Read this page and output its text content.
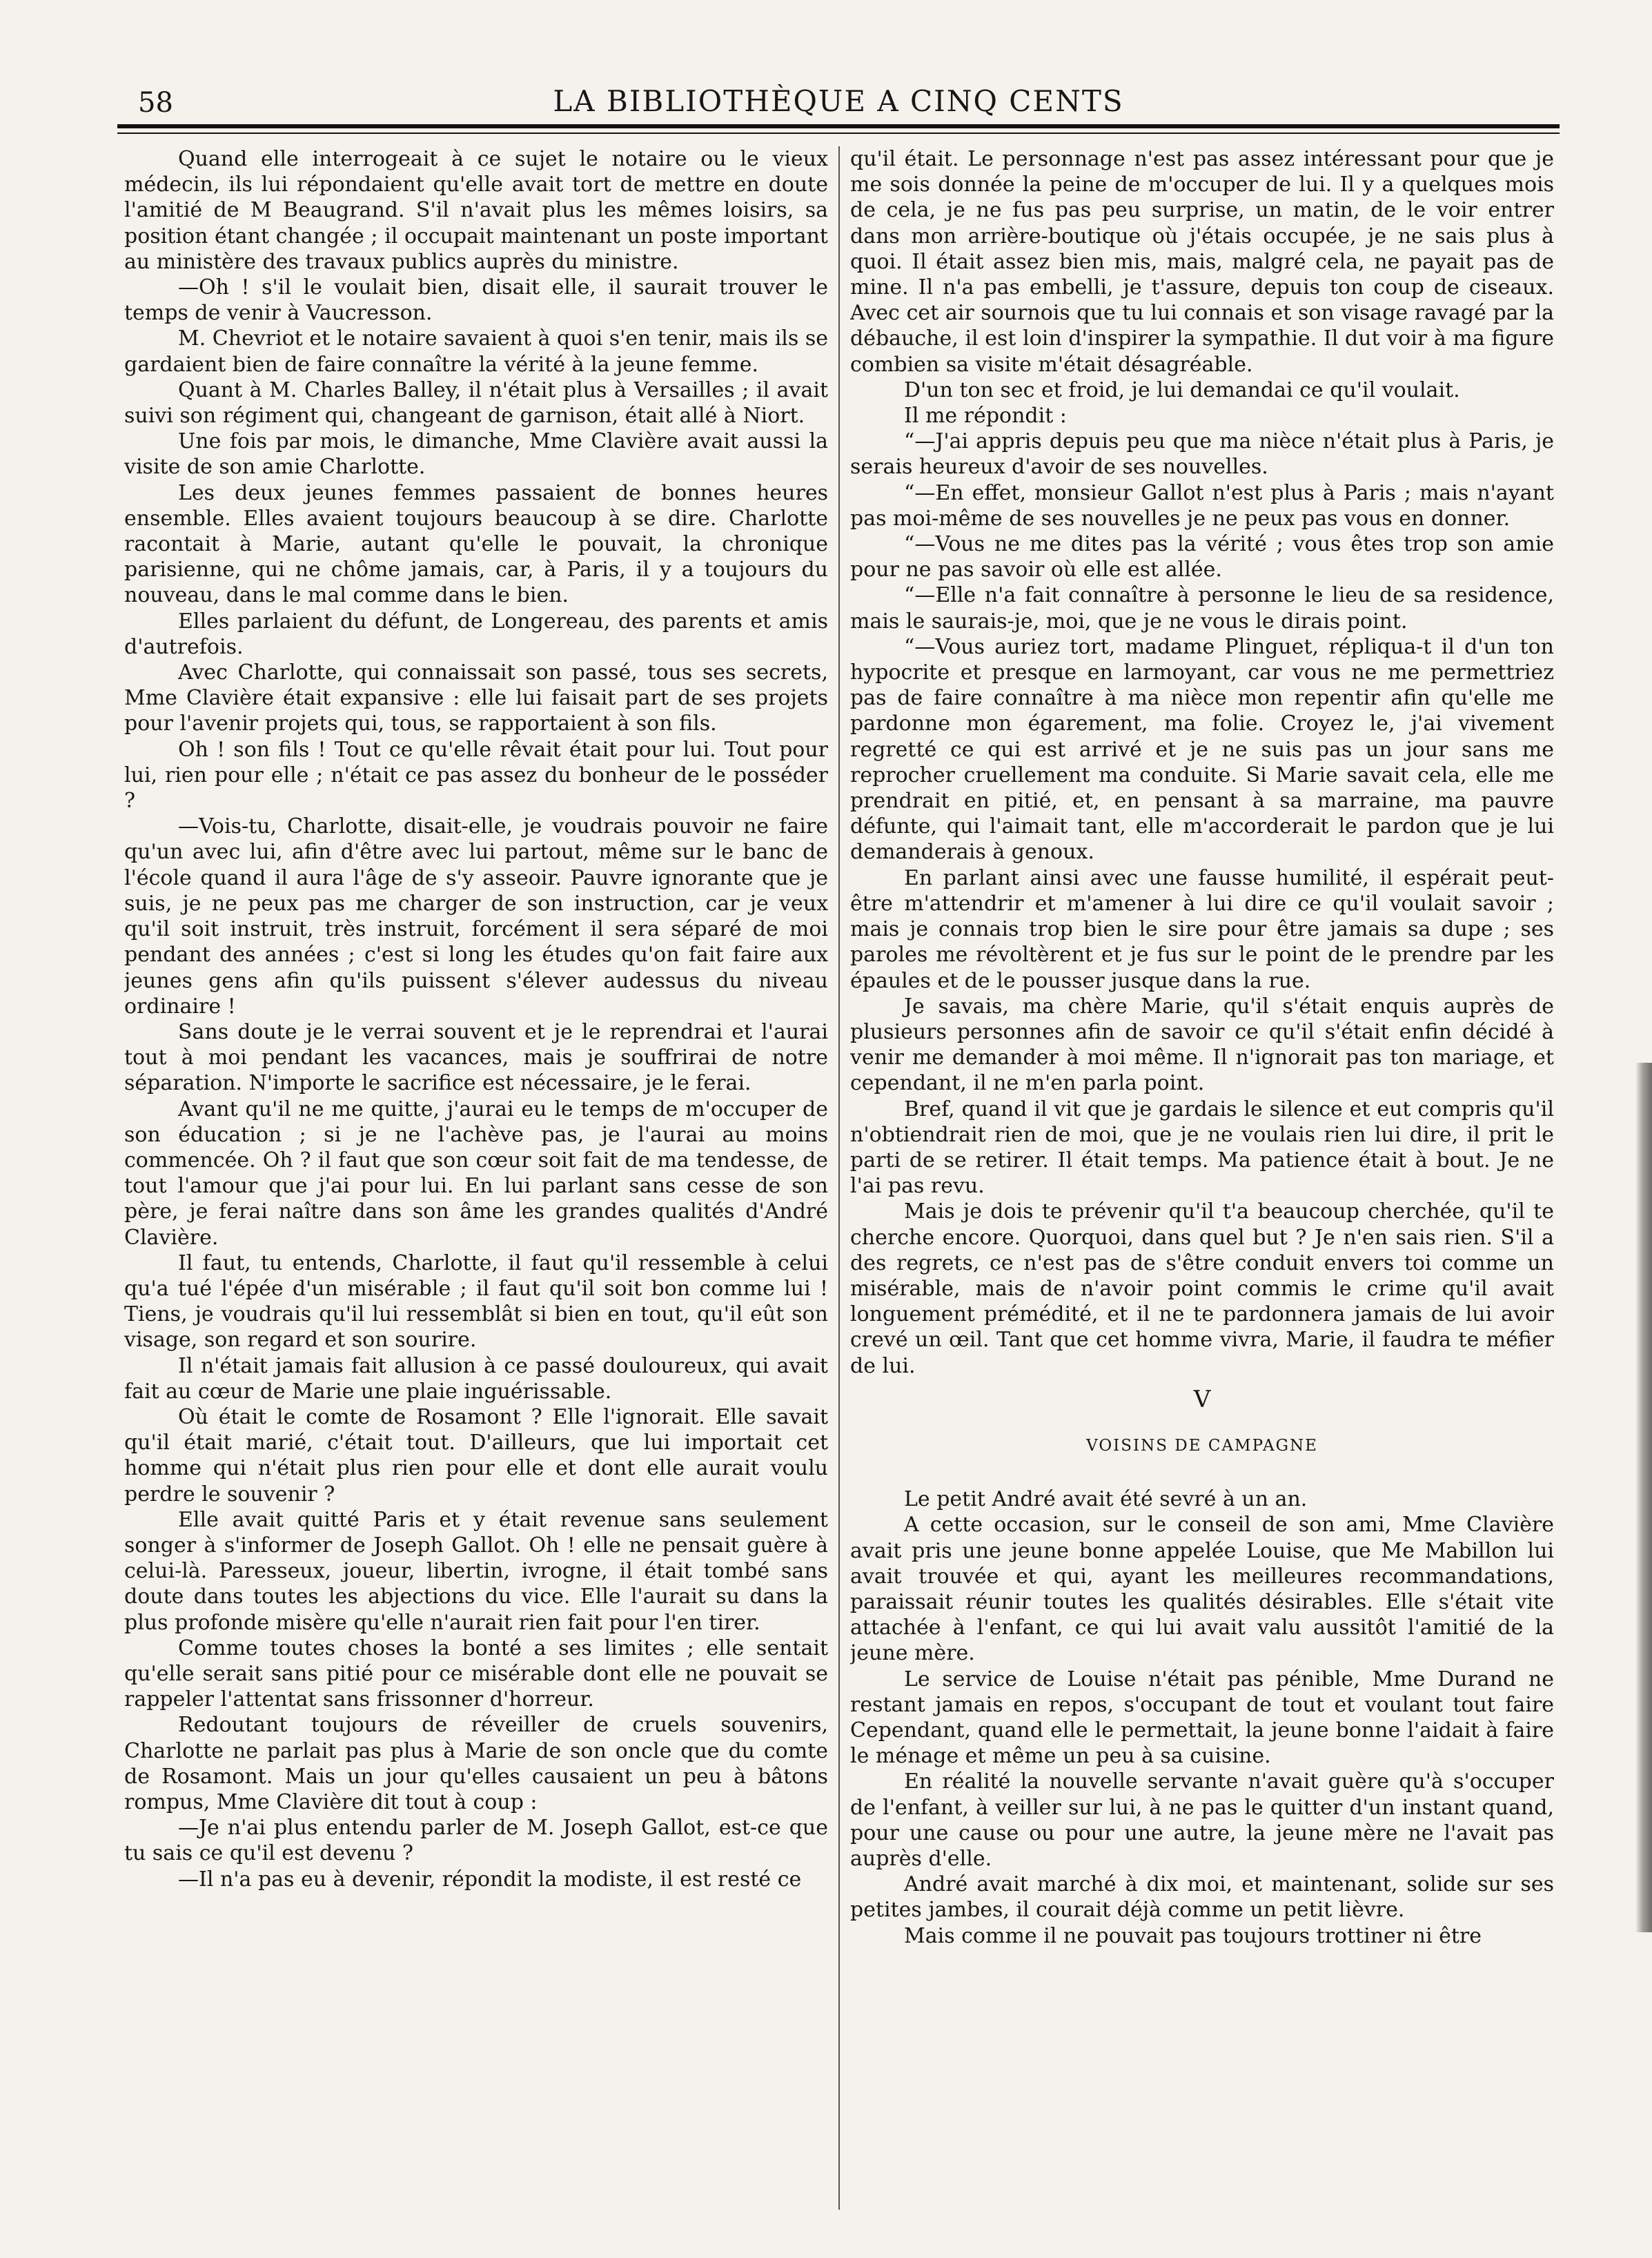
58	LA BIBLIOTHÈQUE A CINQ CENTS

Quand elle interrogeait à ce sujet le notaire ou le vieux médecin, ils lui répondaient qu'elle avait tort de mettre en doute l'amitié de M Beaugrand. S'il n'avait plus les mêmes loisirs, sa position étant changée ; il occupait maintenant un poste important au ministère des travaux publics auprès du ministre.

—Oh ! s'il le voulait bien, disait elle, il saurait trouver le temps de venir à Vaucresson.

M. Chevriot et le notaire savaient à quoi s'en tenir, mais ils se gardaient bien de faire connaître la vérité à la jeune femme.

Quant à M. Charles Balley, il n'était plus à Versailles ; il avait suivi son régiment qui, changeant de garnison, était allé à Niort.

Une fois par mois, le dimanche, Mme Clavière avait aussi la visite de son amie Charlotte.

Les deux jeunes femmes passaient de bonnes heures ensemble. Elles avaient toujours beaucoup à se dire. Charlotte racontait à Marie, autant qu'elle le pouvait, la chronique parisienne, qui ne chôme jamais, car, à Paris, il y a toujours du nouveau, dans le mal comme dans le bien.

Elles parlaient du défunt, de Longereau, des parents et amis d'autrefois.

Avec Charlotte, qui connaissait son passé, tous ses secrets, Mme Clavière était expansive : elle lui faisait part de ses projets pour l'avenir projets qui, tous, se rapportaient à son fils.

Oh ! son fils ! Tout ce qu'elle rêvait était pour lui. Tout pour lui, rien pour elle ; n'était ce pas assez du bonheur de le posséder ?

—Vois-tu, Charlotte, disait-elle, je voudrais pouvoir ne faire qu'un avec lui, afin d'être avec lui partout, même sur le banc de l'école quand il aura l'âge de s'y asseoir. Pauvre ignorante que je suis, je ne peux pas me charger de son instruction, car je veux qu'il soit instruit, très instruit, forcément il sera séparé de moi pendant des années ; c'est si long les études qu'on fait faire aux jeunes gens afin qu'ils puissent s'élever audessus du niveau ordinaire !

Sans doute je le verrai souvent et je le reprendrai et l'aurai tout à moi pendant les vacances, mais je souffrirai de notre séparation. N'importe le sacrifice est nécessaire, je le ferai.

Avant qu'il ne me quitte, j'aurai eu le temps de m'occuper de son éducation ; si je ne l'achève pas, je l'aurai au moins commencée. Oh ? il faut que son cœur soit fait de ma tendesse, de tout l'amour que j'ai pour lui. En lui parlant sans cesse de son père, je ferai naître dans son âme les grandes qualités d'André Clavière.

Il faut, tu entends, Charlotte, il faut qu'il ressemble à celui qu'a tué l'épée d'un misérable ; il faut qu'il soit bon comme lui ! Tiens, je voudrais qu'il lui ressemblât si bien en tout, qu'il eût son visage, son regard et son sourire.

Il n'était jamais fait allusion à ce passé douloureux, qui avait fait au cœur de Marie une plaie inguérissable.

Où était le comte de Rosamont ? Elle l'ignorait. Elle savait qu'il était marié, c'était tout. D'ailleurs, que lui importait cet homme qui n'était plus rien pour elle et dont elle aurait voulu perdre le souvenir ?

Elle avait quitté Paris et y était revenue sans seulement songer à s'informer de Joseph Gallot. Oh ! elle ne pensait guère à celui-là. Paresseux, joueur, libertin, ivrogne, il était tombé sans doute dans toutes les abjections du vice. Elle l'aurait su dans la plus profonde misère qu'elle n'aurait rien fait pour l'en tirer.

Comme toutes choses la bonté a ses limites ; elle sentait qu'elle serait sans pitié pour ce misérable dont elle ne pouvait se rappeler l'attentat sans frissonner d'horreur.

Redoutant toujours de réveiller de cruels souvenirs, Charlotte ne parlait pas plus à Marie de son oncle que du comte de Rosamont. Mais un jour qu'elles causaient un peu à bâtons rompus, Mme Clavière dit tout à coup :

—Je n'ai plus entendu parler de M. Joseph Gallot, est-ce que tu sais ce qu'il est devenu ?

—Il n'a pas eu à devenir, répondit la modiste, il est resté ce

qu'il était. Le personnage n'est pas assez intéressant pour que je me sois donnée la peine de m'occuper de lui. Il y a quelques mois de cela, je ne fus pas peu surprise, un matin, de le voir entrer dans mon arrière-boutique où j'étais occupée, je ne sais plus à quoi. Il était assez bien mis, mais, malgré cela, ne payait pas de mine. Il n'a pas embelli, je t'assure, depuis ton coup de ciseaux. Avec cet air sournois que tu lui connais et son visage ravagé par la débauche, il est loin d'inspirer la sympathie. Il dut voir à ma figure combien sa visite m'était désagréable.

D'un ton sec et froid, je lui demandai ce qu'il voulait.

Il me répondit :

“—J'ai appris depuis peu que ma nièce n'était plus à Paris, je serais heureux d'avoir de ses nouvelles.

“—En effet, monsieur Gallot n'est plus à Paris ; mais n'ayant pas moi-même de ses nouvelles je ne peux pas vous en donner.

“—Vous ne me dites pas la vérité ; vous êtes trop son amie pour ne pas savoir où elle est allée.

“—Elle n'a fait connaître à personne le lieu de sa residence, mais le saurais-je, moi, que je ne vous le dirais point.

“—Vous auriez tort, madame Plinguet, répliqua-t il d'un ton hypocrite et presque en larmoyant, car vous ne me permettriez pas de faire connaître à ma nièce mon repentir afin qu'elle me pardonne mon égarement, ma folie. Croyez le, j'ai vivement regretté ce qui est arrivé et je ne suis pas un jour sans me reprocher cruellement ma conduite. Si Marie savait cela, elle me prendrait en pitié, et, en pensant à sa marraine, ma pauvre défunte, qui l'aimait tant, elle m'accorderait le pardon que je lui demanderais à genoux.

En parlant ainsi avec une fausse humilité, il espérait peut-être m'attendrir et m'amener à lui dire ce qu'il voulait savoir ; mais je connais trop bien le sire pour être jamais sa dupe ; ses paroles me révoltèrent et je fus sur le point de le prendre par les épaules et de le pousser jusque dans la rue.

Je savais, ma chère Marie, qu'il s'était enquis auprès de plusieurs personnes afin de savoir ce qu'il s'était enfin décidé à venir me demander à moi même. Il n'ignorait pas ton mariage, et cependant, il ne m'en parla point.

Bref, quand il vit que je gardais le silence et eut compris qu'il n'obtiendrait rien de moi, que je ne voulais rien lui dire, il prit le parti de se retirer. Il était temps. Ma patience était à bout. Je ne l'ai pas revu.

Mais je dois te prévenir qu'il t'a beaucoup cherchée, qu'il te cherche encore. Quorquoi, dans quel but ? Je n'en sais rien. S'il a des regrets, ce n'est pas de s'être conduit envers toi comme un misérable, mais de n'avoir point commis le crime qu'il avait longuement prémédité, et il ne te pardonnera jamais de lui avoir crevé un œil. Tant que cet homme vivra, Marie, il faudra te méfier de lui.

V

VOISINS DE CAMPAGNE

Le petit André avait été sevré à un an.

A cette occasion, sur le conseil de son ami, Mme Clavière avait pris une jeune bonne appelée Louise, que Me Mabillon lui avait trouvée et qui, ayant les meilleures recommandations, paraissait réunir toutes les qualités désirables. Elle s'était vite attachée à l'enfant, ce qui lui avait valu aussitôt l'amitié de la jeune mère.

Le service de Louise n'était pas pénible, Mme Durand ne restant jamais en repos, s'occupant de tout et voulant tout faire Cependant, quand elle le permettait, la jeune bonne l'aidait à faire le ménage et même un peu à sa cuisine.

En réalité la nouvelle servante n'avait guère qu'à s'occuper de l'enfant, à veiller sur lui, à ne pas le quitter d'un instant quand, pour une cause ou pour une autre, la jeune mère ne l'avait pas auprès d'elle.

André avait marché à dix moi, et maintenant, solide sur ses petites jambes, il courait déjà comme un petit lièvre.

Mais comme il ne pouvait pas toujours trottiner ni être
